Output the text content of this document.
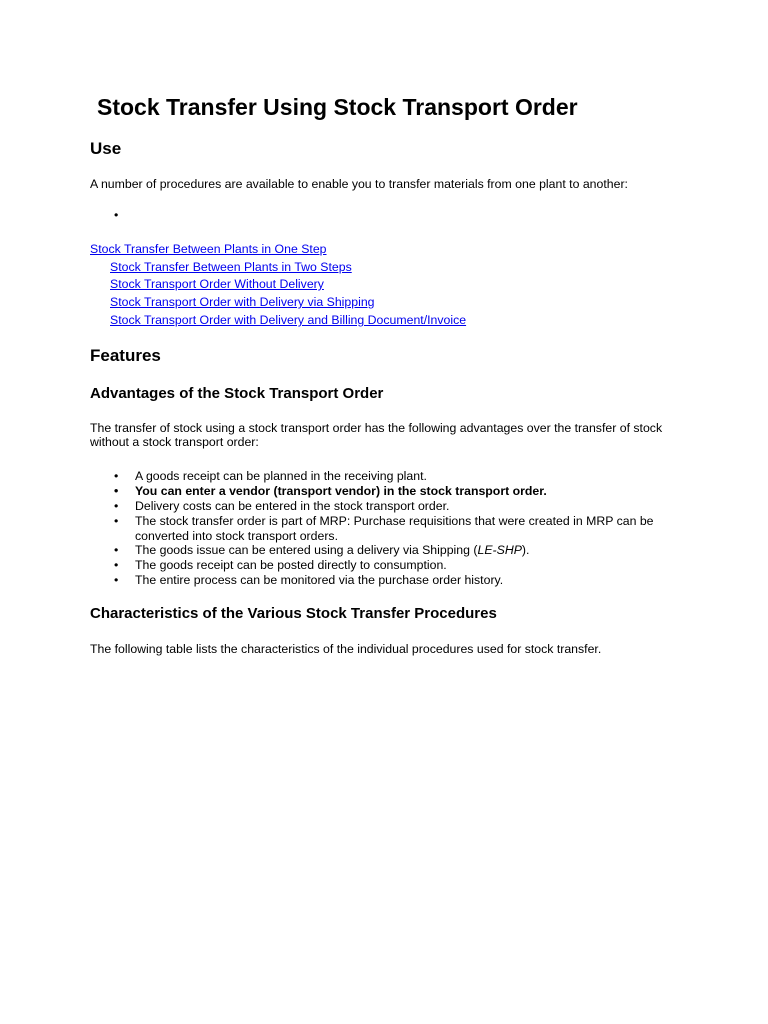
Stock Transfer Using Stock Transport Order
Use

A number of procedures are available to enable you to transfer materials from one plant to another:

•
Stock Transfer Between Plants in One Step
Stock Transfer Between Plants in Two Steps
Stock Transport Order Without Delivery
Stock Transport Order with Delivery via Shipping
Stock Transport Order with Delivery and Billing Document/Invoice
Features
Advantages of the Stock Transport Order

The transfer of stock using a stock transport order has the following advantages over the transfer of stock

without a stock transport order:

• A goods receipt can be planned in the receiving plant.
• You can enter a vendor (transport vendor) in the stock transport order.
• Delivery costs can be entered in the stock transport order.
• The stock transfer order is part of MRP: Purchase requisitions that were created in MRP can be
converted into stock transport orders.
• The goods issue can be entered using a delivery via Shipping (LE-SHP).
• The goods receipt can be posted directly to consumption.
• The entire process can be monitored via the purchase order history.
Characteristics of the Various Stock Transfer Procedures

The following table lists the characteristics of the individual procedures used for stock transfer.
